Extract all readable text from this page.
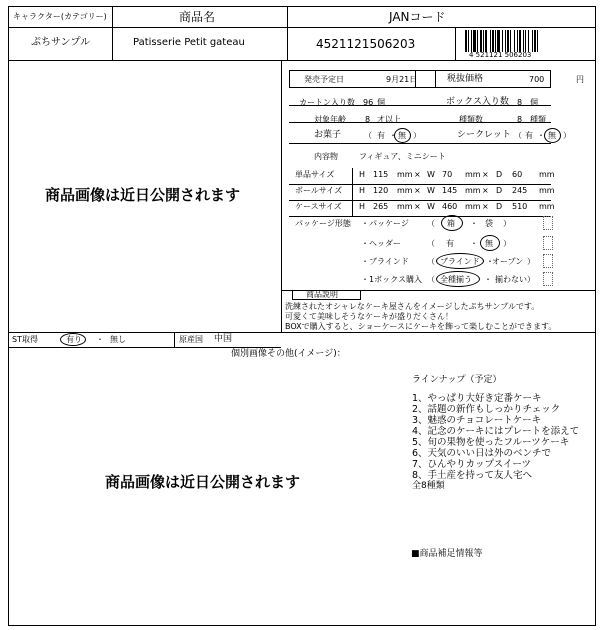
キャラクター(カテゴリー)	商品名	JANコード
ぷちサンプル	Patisserie Petit gateau	4521121506203
4 521121 506203
商品画像は近日公開されます
ST取得	有り ・ 無し	原産国 中国
発売予定日	9月21日	税抜価格	700	円
カートン入り数 96 個	ボックス入り数 8 個
対象年齢 8 才以上	種類数	8 種類
お菓子	（ 有 ・ 無 ）	シークレット （ 有 ・ 無 ）
内容物	フィギュア、ミニシート
単品サイズ	H 115 mm × W 70 mm × D 60 mm
ボールサイズ H 120 mm × W 145 mm × D 245 mm
ケースサイズ H 265 mm × W 460 mm × D 510 mm
パッケージ形態 ・パッケージ （ 箱 ・ 袋 ）
・ヘッダー	（ 有 ・ 無 ）
・ブラインド （ ブラインド ・
オープン ）
・1ボックス購入 （ 全種揃う ・ 揃わない ）
商品説明
洗練されたオシャレなケーキ屋さんをイメージしたぷちサンプルです。
可愛くて美味しそうなケーキが盛りだくさん！
BOXで購入すると、ショーケースにケーキを飾って楽しむことができます。
個別画像その他(イメージ)：
商品画像は近日公開されます
ラインナップ（予定）
1、やっぱり大好き定番ケーキ
2、話題の新作もしっかりチェック
3、魅惑のチョコレートケーキ
4、記念のケーキにはプレートを添えて
5、旬の果物を使ったフルーツケーキ
6、天気のいい日は外のベンチで
7、ひんやりカップスイーツ
8、手土産を持って友人宅へ
全8種類
■商品補足情報等
